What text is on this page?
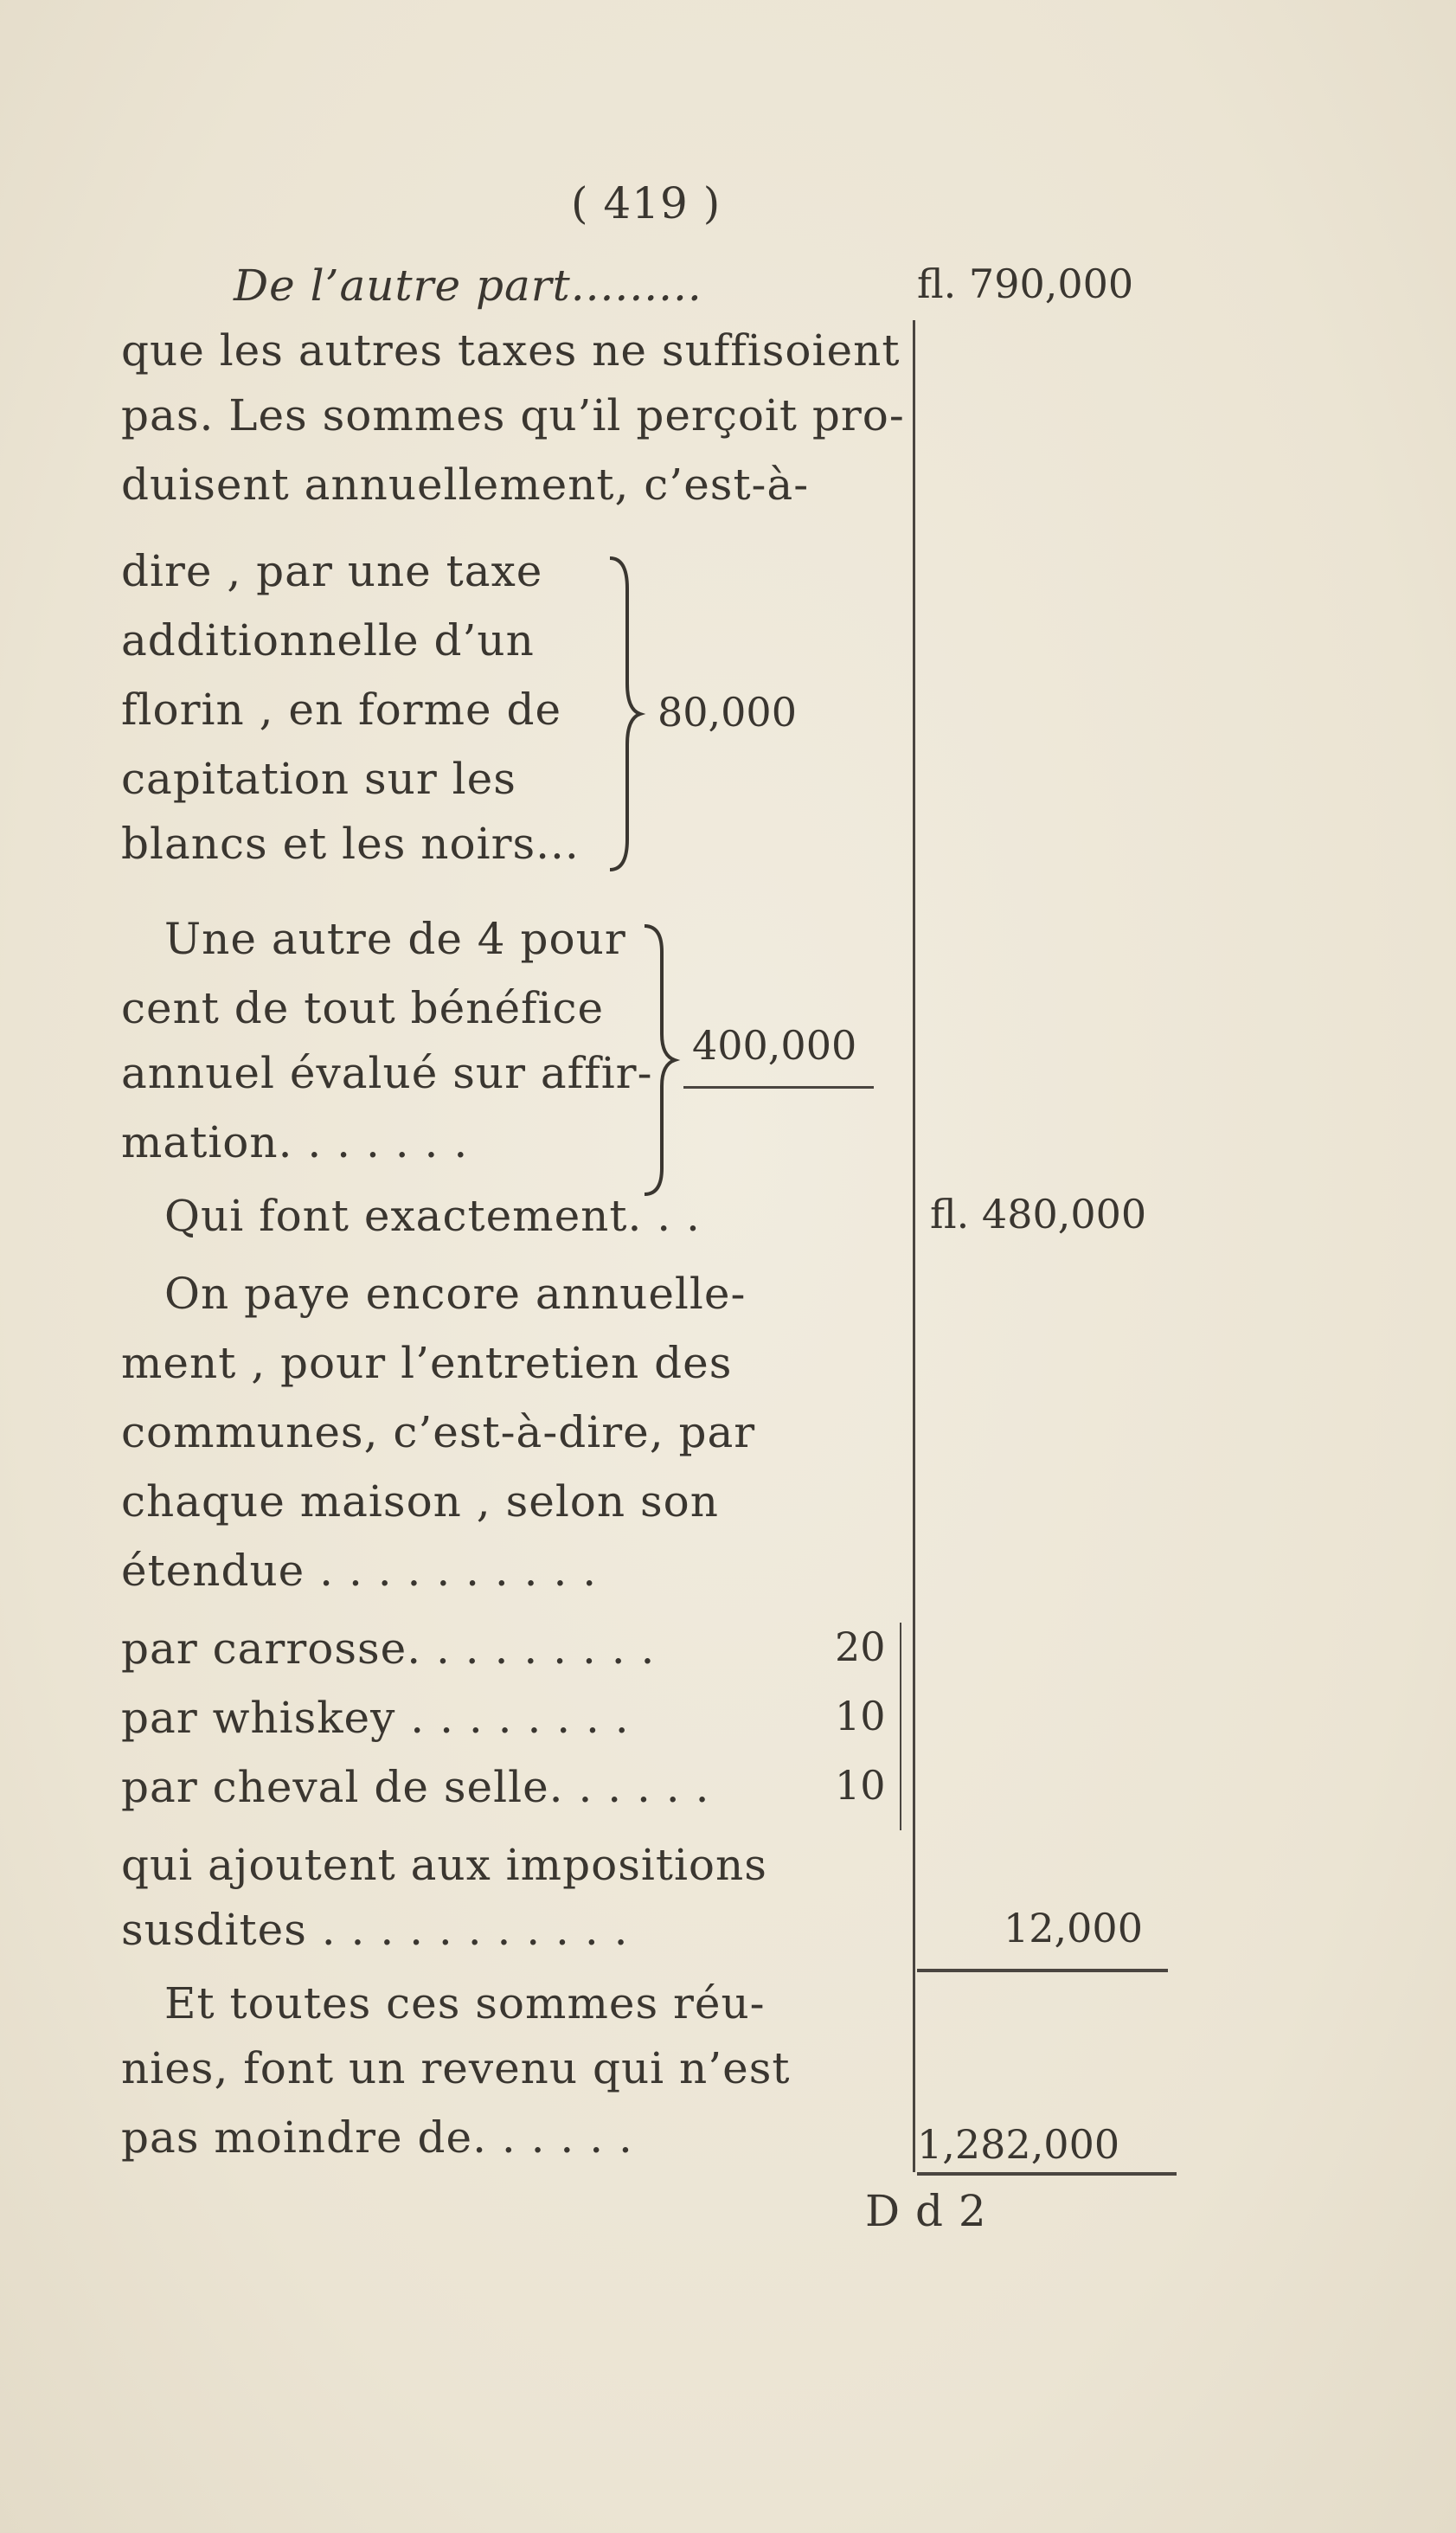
( 419 )
De l’autre part.........	fl. 790,000
que les autres taxes ne suffisoient
pas. Les sommes qu’il perçoit pro-
duisent annuellement, c’est-à-
dire , par une taxe
additionnelle d’un
florin , en forme de
capitation sur les
blancs et les noirs...
80,000
Une autre de 4 pour
cent de tout bénéfice
annuel évalué sur affir-
mation. . . . . . .
400,000
Qui font exactement. . .	fl. 480,000
On paye encore annuelle-
ment , pour l’entretien des
communes, c’est-à-dire, par
chaque maison , selon son
étendue . . . . . . . . . .
par carrosse. . . . . . . . .	20
par whiskey . . . . . . . .	10
par cheval de selle. . . . . .	10
qui ajoutent aux impositions
susdites . . . . . . . . . . .	12,000
Et toutes ces sommes réu-
nies, font un revenu qui n’est
pas moindre de. . . . . .	1,282,000
D d 2
